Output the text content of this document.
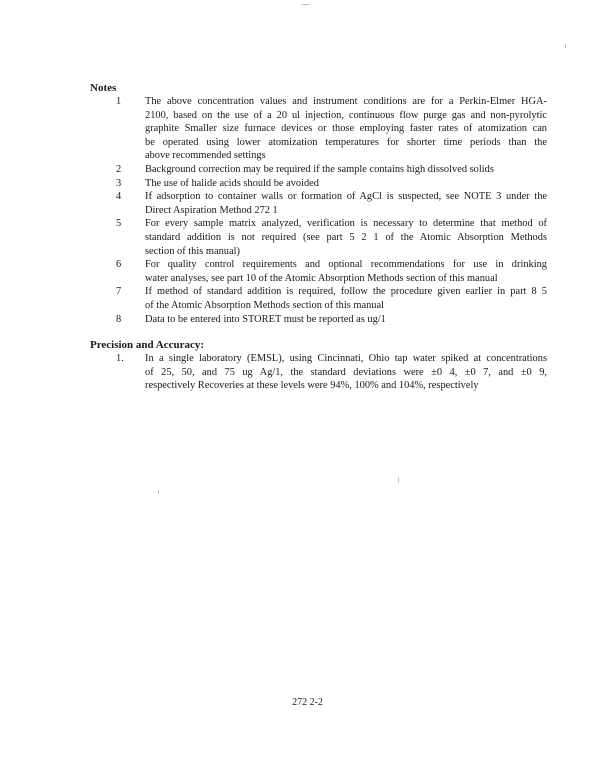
Notes
1	The above concentration values and instrument conditions are for a Perkin-Elmer HGA-
2100, based on the use of a 20 ul injection, continuous flow purge gas and non-pyrolytic
graphite Smaller size furnace devices or those employing faster rates of atomization can
be operated using lower atomization temperatures for shorter time periods than the
above recommended settings
2	Background correction may be required if the sample contains high dissolved solids
3	The use of halide acids should be avoided
4	If adsorption to container walls or formation of AgCl is suspected, see NOTE 3 under the
Direct Aspiration Method 272 1
5	For every sample matrix analyzed, verification is necessary to determine that method of
standard addition is not required (see part 5 2 1 of the Atomic Absorption Methods
section of this manual)
6	For quality control requirements and optional recommendations for use in drinking
water analyses, see part 10 of the Atomic Absorption Methods section of this manual
7	If method of standard addition is required, follow the procedure given earlier in part 8 5
of the Atomic Absorption Methods section of this manual
8	Data to be entered into STORET must be reported as ug/1
Precision and Accuracy:
1.	In a single laboratory (EMSL), using Cincinnati, Ohio tap water spiked at concentrations
of 25, 50, and 75 ug Ag/1, the standard deviations were ±0 4, ±0 7, and ±0 9,
respectively Recoveries at these levels were 94%, 100% and 104%, respectively
272 2-2
